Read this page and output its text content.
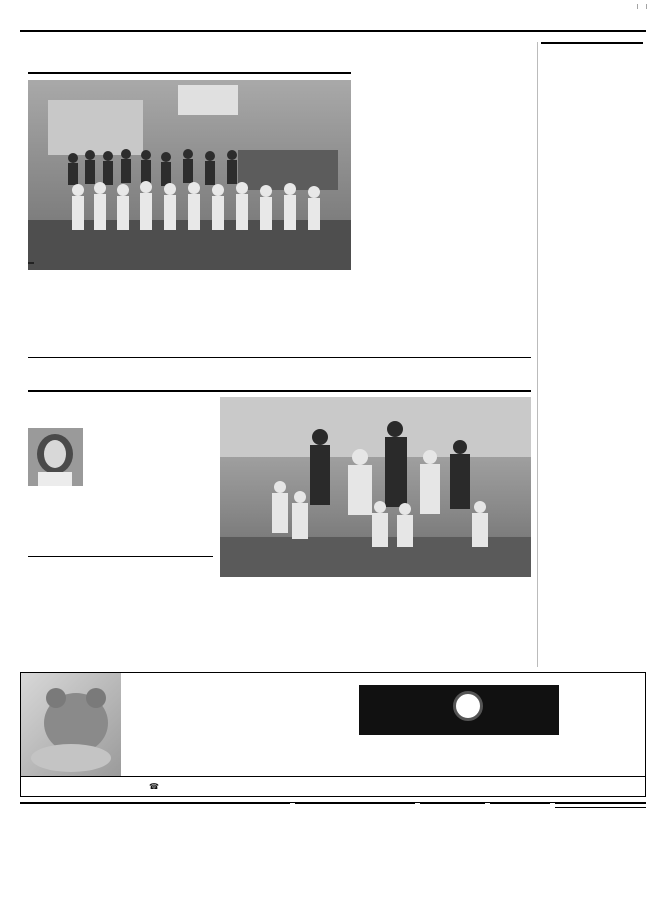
| |

☎
